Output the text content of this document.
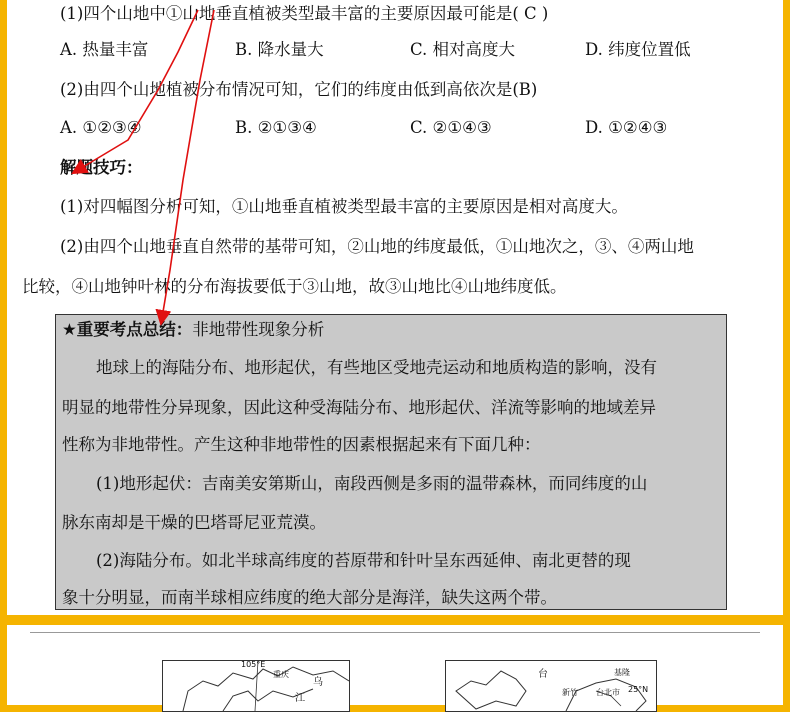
(1)四个山地中①山地垂直植被类型最丰富的主要原因最可能是( C )
A. 热量丰富	B. 降水量大	C. 相对高度大	D. 纬度位置低
(2)由四个山地植被分布情况可知，它们的纬度由低到高依次是(B)
A. ①②③④	B. ②①③④	C. ②①④③	D. ①②④③
解题技巧：
(1)对四幅图分析可知，①山地垂直植被类型最丰富的主要原因是相对高度大。
(2)由四个山地垂直自然带的基带可知，②山地的纬度最低，①山地次之，③、④两山地
比较，④山地钟叶林的分布海拔要低于③山地，故③山地比④山地纬度低。
★重要考点总结：非地带性现象分析
地球上的海陆分布、地形起伏，有些地区受地壳运动和地质构造的影响，没有
明显的地带性分异现象，因此这种受海陆分布、地形起伏、洋流等影响的地域差异
性称为非地带性。产生这种非地带性的因素根据起来有下面几种：
(1)地形起伏：吉南美安第斯山，南段西侧是多雨的温带森林，而同纬度的山
脉东南却是干燥的巴塔哥尼亚荒漠。
(2)海陆分布。如北半球高纬度的苔原带和针叶呈东西延伸、南北更替的现
象十分明显，而南半球相应纬度的绝大部分是海洋，缺失这两个带。
105°E
重庆
乌
江
台	基隆
25°N
新竹 台北市
